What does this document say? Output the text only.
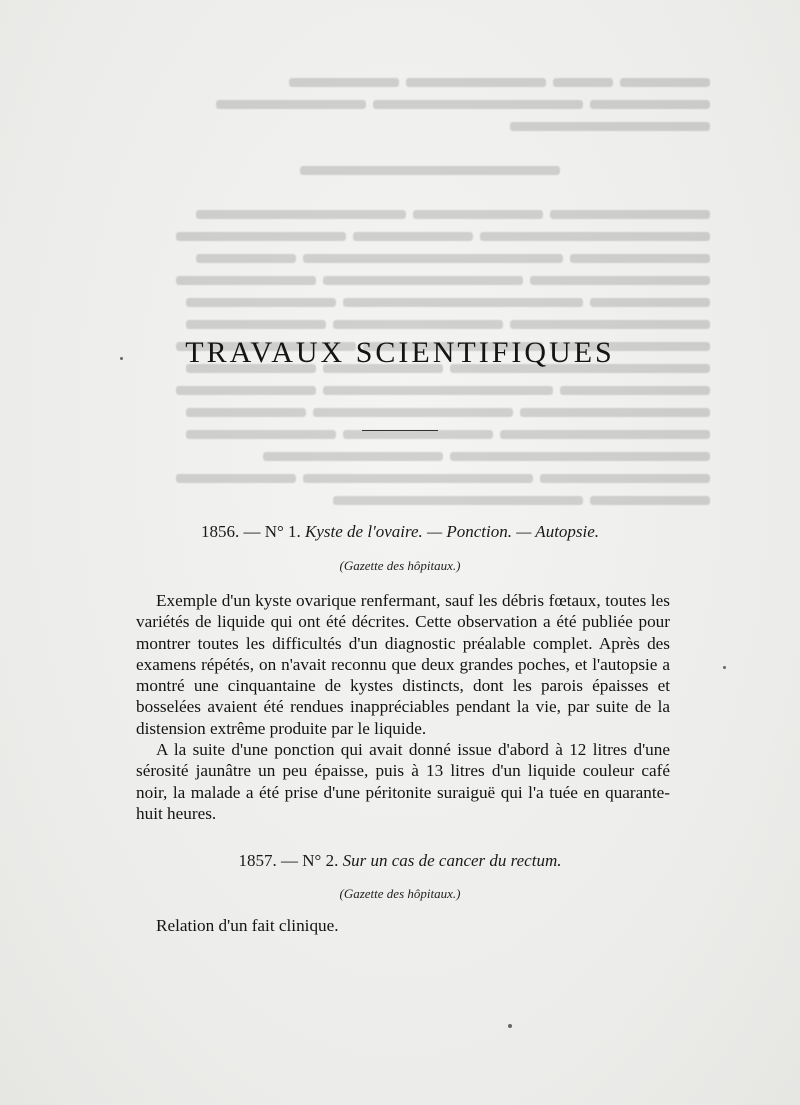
TRAVAUX SCIENTIFIQUES
1856. — N° 1. Kyste de l'ovaire. — Ponction. — Autopsie.
(Gazette des hôpitaux.)

Exemple d'un kyste ovarique renfermant, sauf les débris fœtaux, toutes les variétés de liquide qui ont été décrites. Cette observation a été publiée pour montrer toutes les difficultés d'un diagnostic préalable complet. Après des examens répétés, on n'avait reconnu que deux grandes poches, et l'autopsie a montré une cinquantaine de kystes distincts, dont les parois épaisses et bosselées avaient été rendues inappréciables pendant la vie, par suite de la distension extrême produite par le liquide.

A la suite d'une ponction qui avait donné issue d'abord à 12 litres d'une sérosité jaunâtre un peu épaisse, puis à 13 litres d'un liquide couleur café noir, la malade a été prise d'une péritonite suraiguë qui l'a tuée en quarante-huit heures.

1857. — N° 2. Sur un cas de cancer du rectum.
(Gazette des hôpitaux.)

Relation d'un fait clinique.
